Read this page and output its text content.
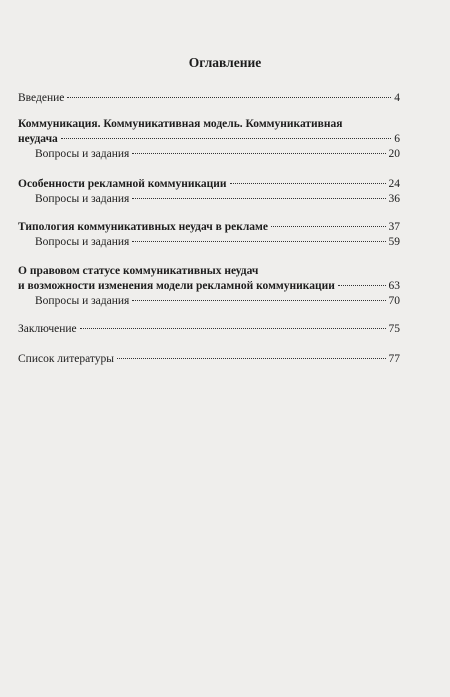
Оглавление
Введение	4
Коммуникация. Коммуникативная модель. Коммуникативная
неудача	6
Вопросы и задания	20
Особенности рекламной коммуникации	24
Вопросы и задания	36
Типология коммуникативных неудач в рекламе	37
Вопросы и задания	59
О правовом статусе коммуникативных неудач
и возможности изменения модели рекламной коммуникации	63
Вопросы и задания	70
Заключение	75
Список литературы	77
